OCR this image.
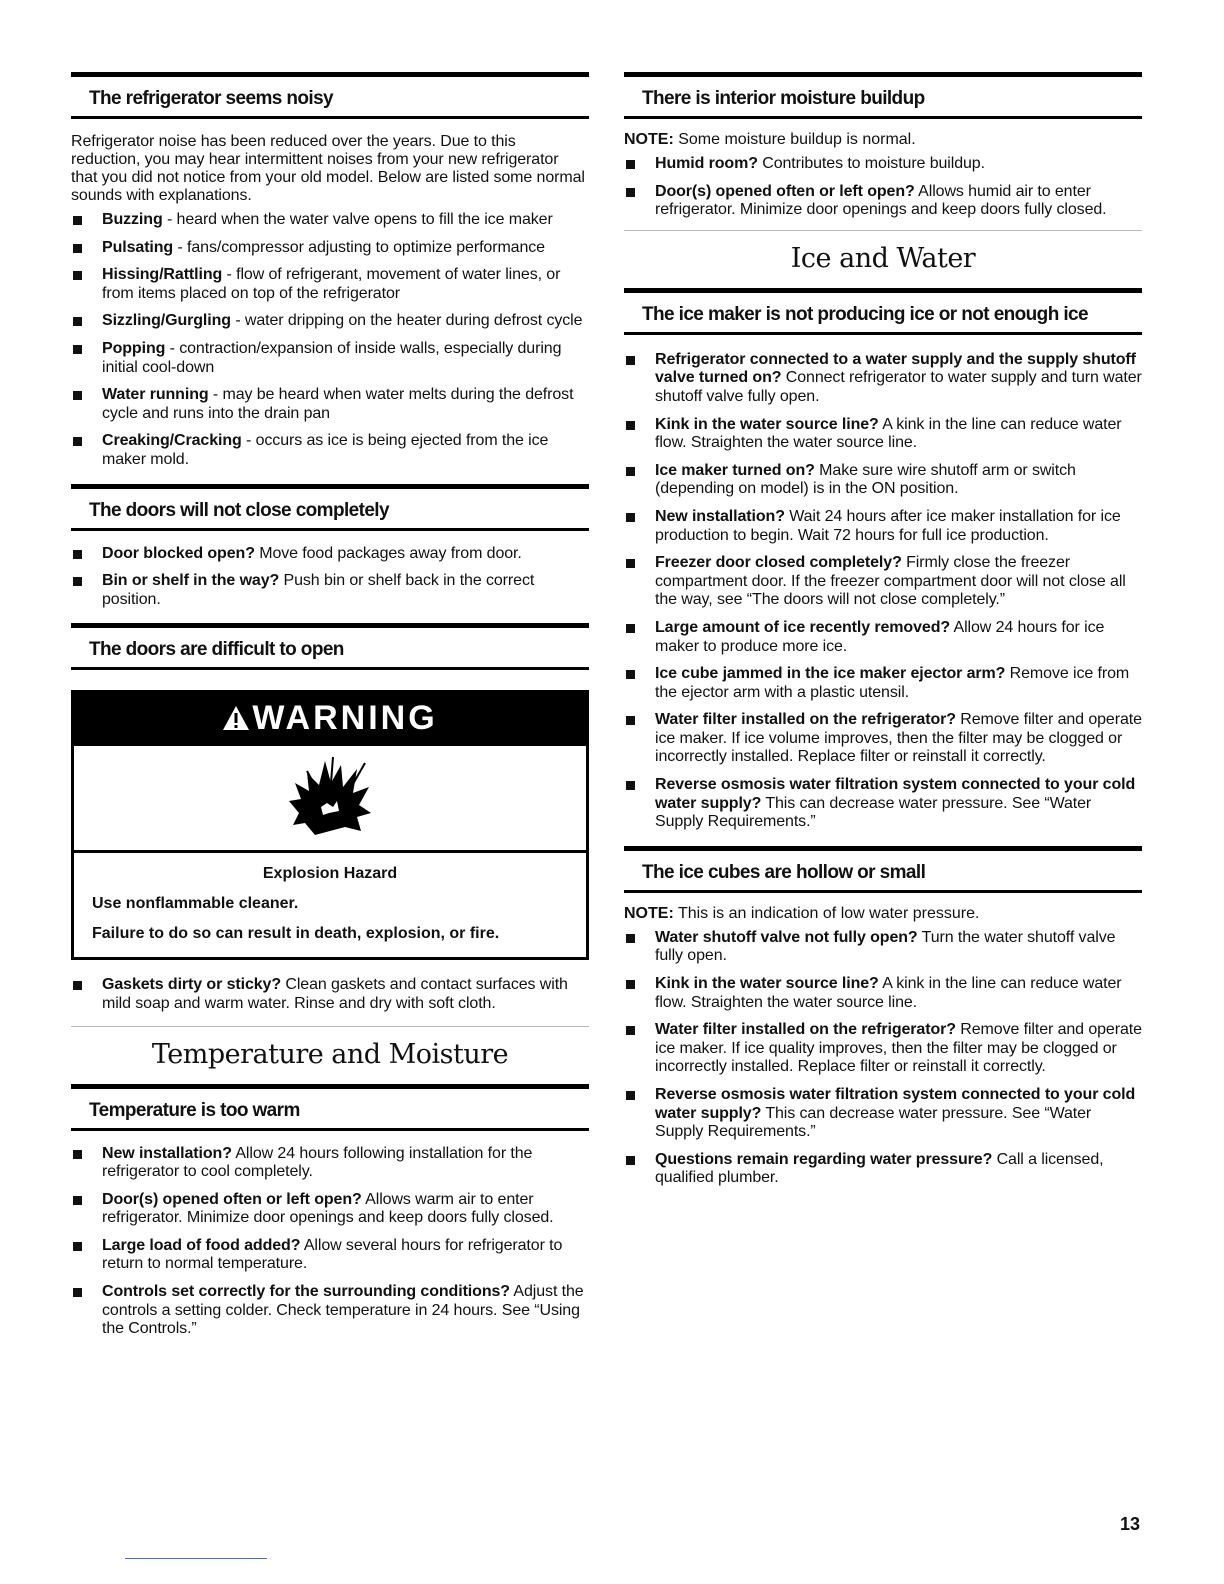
The refrigerator seems noisy

Refrigerator noise has been reduced over the years. Due to this reduction, you may hear intermittent noises from your new refrigerator that you did not notice from your old model. Below are listed some normal sounds with explanations.

Buzzing - heard when the water valve opens to fill the ice maker
Pulsating - fans/compressor adjusting to optimize performance
Hissing/Rattling - flow of refrigerant, movement of water lines, or from items placed on top of the refrigerator
Sizzling/Gurgling - water dripping on the heater during defrost cycle
Popping - contraction/expansion of inside walls, especially during initial cool-down
Water running - may be heard when water melts during the defrost cycle and runs into the drain pan
Creaking/Cracking - occurs as ice is being ejected from the ice maker mold.
The doors will not close completely
Door blocked open? Move food packages away from door.
Bin or shelf in the way? Push bin or shelf back in the correct position.
The doors are difficult to open
WARNING
Explosion Hazard
Use nonflammable cleaner.
Failure to do so can result in death, explosion, or fire.
Gaskets dirty or sticky? Clean gaskets and contact surfaces with mild soap and warm water. Rinse and dry with soft cloth.
Temperature and Moisture
Temperature is too warm
New installation? Allow 24 hours following installation for the refrigerator to cool completely.
Door(s) opened often or left open? Allows warm air to enter refrigerator. Minimize door openings and keep doors fully closed.
Large load of food added? Allow several hours for refrigerator to return to normal temperature.
Controls set correctly for the surrounding conditions? Adjust the controls a setting colder. Check temperature in 24 hours. See “Using the Controls.”
There is interior moisture buildup

NOTE: Some moisture buildup is normal.

Humid room? Contributes to moisture buildup.
Door(s) opened often or left open? Allows humid air to enter refrigerator. Minimize door openings and keep doors fully closed.
Ice and Water
The ice maker is not producing ice or not enough ice
Refrigerator connected to a water supply and the supply shutoff valve turned on? Connect refrigerator to water supply and turn water shutoff valve fully open.
Kink in the water source line? A kink in the line can reduce water flow. Straighten the water source line.
Ice maker turned on? Make sure wire shutoff arm or switch (depending on model) is in the ON position.
New installation? Wait 24 hours after ice maker installation for ice production to begin. Wait 72 hours for full ice production.
Freezer door closed completely? Firmly close the freezer compartment door. If the freezer compartment door will not close all the way, see “The doors will not close completely.”
Large amount of ice recently removed? Allow 24 hours for ice maker to produce more ice.
Ice cube jammed in the ice maker ejector arm? Remove ice from the ejector arm with a plastic utensil.
Water filter installed on the refrigerator? Remove filter and operate ice maker. If ice volume improves, then the filter may be clogged or incorrectly installed. Replace filter or reinstall it correctly.
Reverse osmosis water filtration system connected to your cold water supply? This can decrease water pressure. See “Water Supply Requirements.”
The ice cubes are hollow or small

NOTE: This is an indication of low water pressure.

Water shutoff valve not fully open? Turn the water shutoff valve fully open.
Kink in the water source line? A kink in the line can reduce water flow. Straighten the water source line.
Water filter installed on the refrigerator? Remove filter and operate ice maker. If ice quality improves, then the filter may be clogged or incorrectly installed. Replace filter or reinstall it correctly.
Reverse osmosis water filtration system connected to your cold water supply? This can decrease water pressure. See “Water Supply Requirements.”
Questions remain regarding water pressure? Call a licensed, qualified plumber.
13
